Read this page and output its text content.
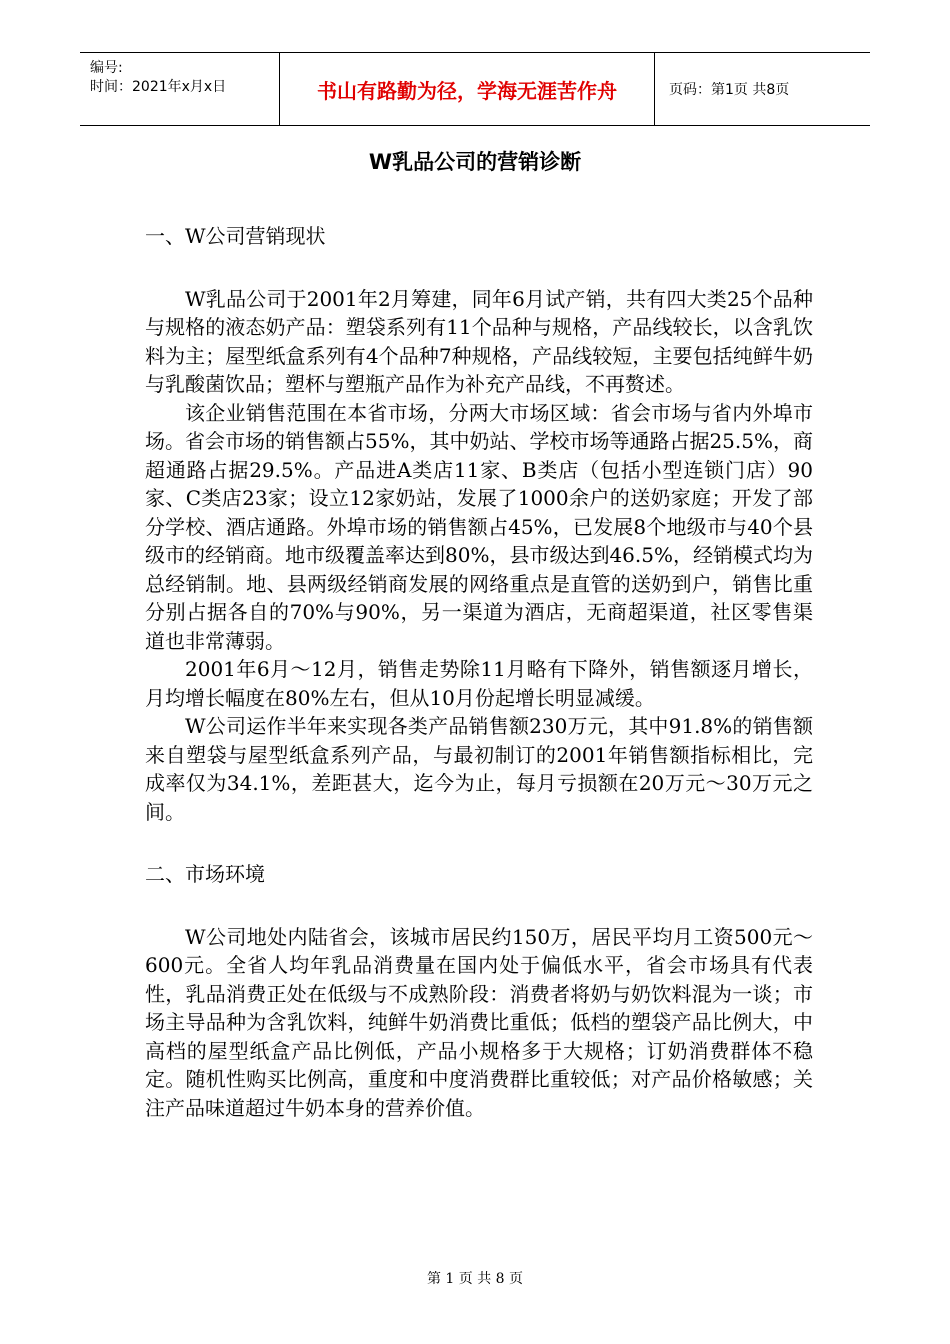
编号:
时间：2021年x月x日	书山有路勤为径，学海无涯苦作舟	页码：第1页 共8页
W乳品公司的营销诊断

一、W公司营销现状

W乳品公司于2001年2月筹建，同年6月试产销，共有四大类25个品种与规格的液态奶产品：塑袋系列有11个品种与规格，产品线较长，以含乳饮料为主；屋型纸盒系列有4个品种7种规格，产品线较短，主要包括纯鲜牛奶与乳酸菌饮品；塑杯与塑瓶产品作为补充产品线，不再赘述。

该企业销售范围在本省市场，分两大市场区域：省会市场与省内外埠市场。省会市场的销售额占55%，其中奶站、学校市场等通路占据25.5%，商超通路占据29.5%。产品进A类店11家、B类店（包括小型连锁门店）90家、C类店23家；设立12家奶站，发展了1000余户的送奶家庭；开发了部分学校、酒店通路。外埠市场的销售额占45%，已发展8个地级市与40个县级市的经销商。地市级覆盖率达到80%，县市级达到46.5%，经销模式均为总经销制。地、县两级经销商发展的网络重点是直管的送奶到户，销售比重分别占据各自的70%与90%，另一渠道为酒店，无商超渠道，社区零售渠道也非常薄弱。

2001年6月～12月，销售走势除11月略有下降外，销售额逐月增长，月均增长幅度在80%左右，但从10月份起增长明显减缓。

W公司运作半年来实现各类产品销售额230万元，其中91.8%的销售额来自塑袋与屋型纸盒系列产品，与最初制订的2001年销售额指标相比，完成率仅为34.1%，差距甚大，迄今为止，每月亏损额在20万元～30万元之间。

二、市场环境

W公司地处内陆省会，该城市居民约150万，居民平均月工资500元～600元。全省人均年乳品消费量在国内处于偏低水平，省会市场具有代表性，乳品消费正处在低级与不成熟阶段：消费者将奶与奶饮料混为一谈；市场主导品种为含乳饮料，纯鲜牛奶消费比重低；低档的塑袋产品比例大，中高档的屋型纸盒产品比例低，产品小规格多于大规格；订奶消费群体不稳定。随机性购买比例高，重度和中度消费群比重较低；对产品价格敏感；关注产品味道超过牛奶本身的营养价值。

第 1 页 共 8 页
